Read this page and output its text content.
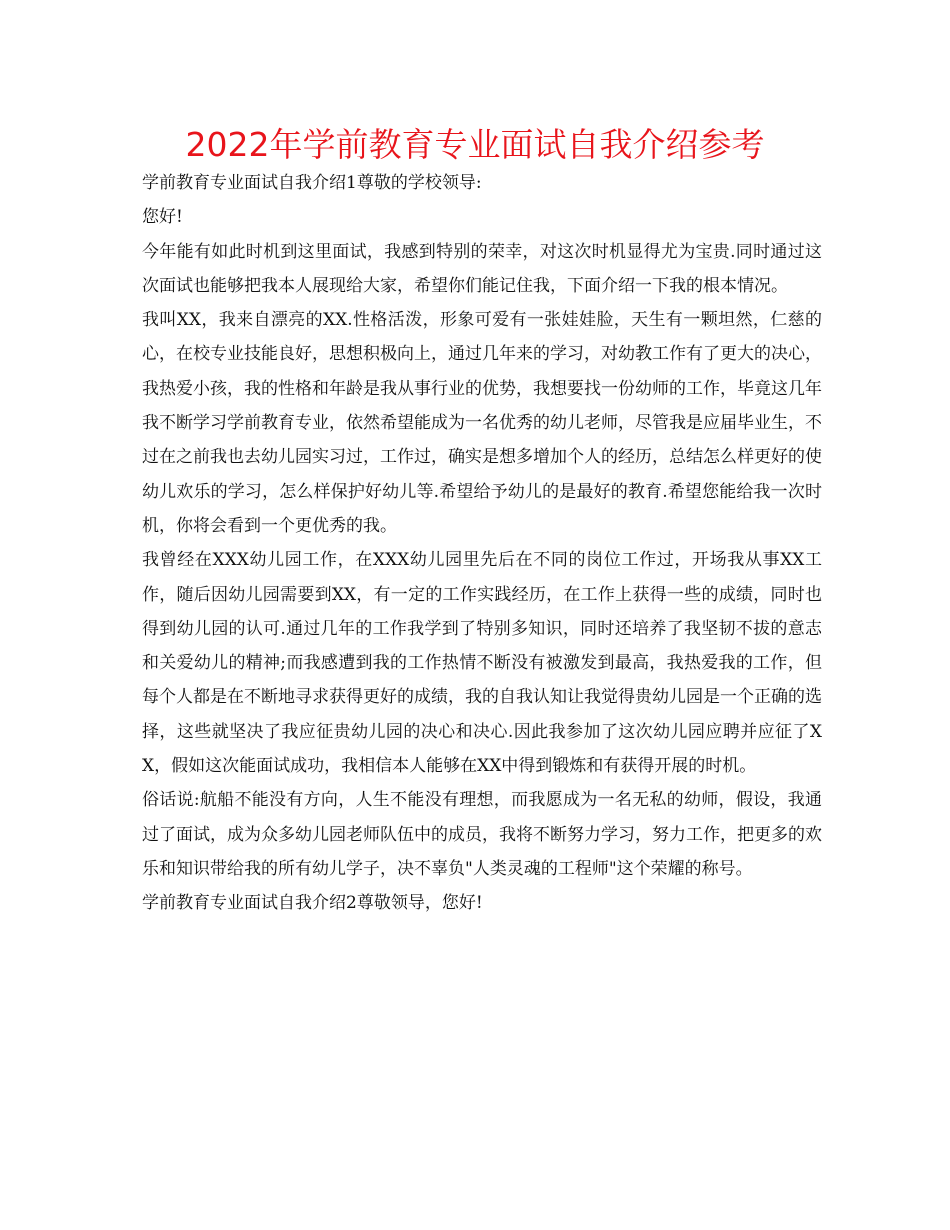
2022年学前教育专业面试自我介绍参考

学前教育专业面试自我介绍1尊敬的学校领导:

您好!

今年能有如此时机到这里面试，我感到特别的荣幸，对这次时机显得尤为宝贵.同时通过这次面试也能够把我本人展现给大家，希望你们能记住我，下面介绍一下我的根本情况。

我叫XX，我来自漂亮的XX.性格活泼，形象可爱有一张娃娃脸，天生有一颗坦然，仁慈的心，在校专业技能良好，思想积极向上，通过几年来的学习，对幼教工作有了更大的决心，我热爱小孩，我的性格和年龄是我从事行业的优势，我想要找一份幼师的工作，毕竟这几年我不断学习学前教育专业，依然希望能成为一名优秀的幼儿老师，尽管我是应届毕业生，不过在之前我也去幼儿园实习过，工作过，确实是想多增加个人的经历，总结怎么样更好的使幼儿欢乐的学习，怎么样保护好幼儿等.希望给予幼儿的是最好的教育.希望您能给我一次时机，你将会看到一个更优秀的我。

我曾经在XXX幼儿园工作，在XXX幼儿园里先后在不同的岗位工作过，开场我从事XX工作，随后因幼儿园需要到XX，有一定的工作实践经历，在工作上获得一些的成绩，同时也得到幼儿园的认可.通过几年的工作我学到了特别多知识，同时还培养了我坚韧不拔的意志和关爱幼儿的精神;而我感遭到我的工作热情不断没有被激发到最高，我热爱我的工作，但每个人都是在不断地寻求获得更好的成绩，我的自我认知让我觉得贵幼儿园是一个正确的选择，这些就坚决了我应征贵幼儿园的决心和决心.因此我参加了这次幼儿园应聘并应征了XX，假如这次能面试成功，我相信本人能够在XX中得到锻炼和有获得开展的时机。

俗话说:航船不能没有方向，人生不能没有理想，而我愿成为一名无私的幼师，假设，我通过了面试，成为众多幼儿园老师队伍中的成员，我将不断努力学习，努力工作，把更多的欢乐和知识带给我的所有幼儿学子，决不辜负"人类灵魂的工程师"这个荣耀的称号。

学前教育专业面试自我介绍2尊敬领导，您好!
